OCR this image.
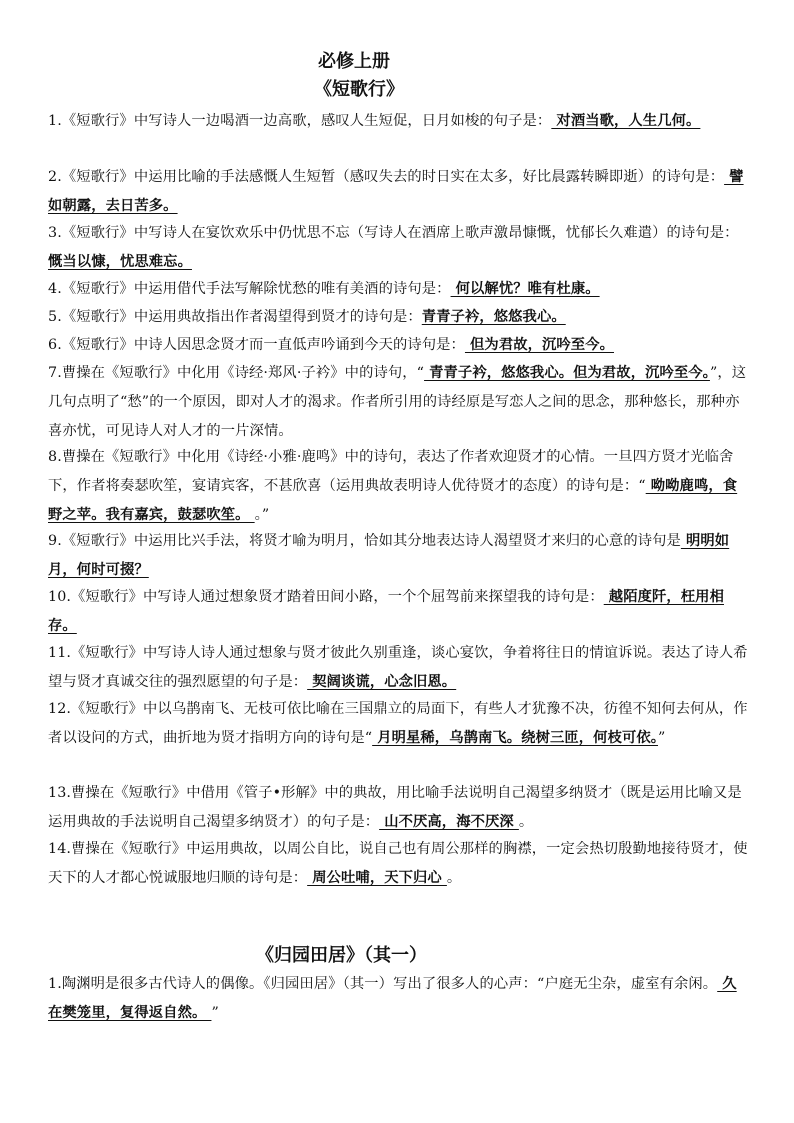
必修上册
《短歌行》
1.《短歌行》中写诗人一边喝酒一边高歌，感叹人生短促，日月如梭的句子是： 对酒当歌，人生几何。
2.《短歌行》中运用比喻的手法感慨人生短暂（感叹失去的时日实在太多，好比晨露转瞬即逝）的诗句是： 譬如朝露，去日苦多。
3.《短歌行》中写诗人在宴饮欢乐中仍忧思不忘（写诗人在酒席上歌声激昂慷慨，忧郁长久难遣）的诗句是： 慨当以慷，忧思难忘。
4.《短歌行》中运用借代手法写解除忧愁的唯有美酒的诗句是： 何以解忧？唯有杜康。
5.《短歌行》中运用典故指出作者渴望得到贤才的诗句是：青青子衿，悠悠我心。
6.《短歌行》中诗人因思念贤才而一直低声吟诵到今天的诗句是： 但为君故，沉吟至今。
7.曹操在《短歌行》中化用《诗经·郑风·子衿》中的诗句，“ 青青子衿，悠悠我心。但为君故，沉吟至今。”，这几句点明了“愁”的一个原因，即对人才的渴求。作者所引用的诗经原是写恋人之间的思念，那种悠长，那种亦喜亦忧，可见诗人对人才的一片深情。
8.曹操在《短歌行》中化用《诗经·小雅·鹿鸣》中的诗句，表达了作者欢迎贤才的心情。一旦四方贤才光临舍下，作者将奏瑟吹笙，宴请宾客，不甚欣喜（运用典故表明诗人优待贤才的态度）的诗句是：“ 呦呦鹿鸣，食野之苹。我有嘉宾，鼓瑟吹笙。 。”
9.《短歌行》中运用比兴手法，将贤才喻为明月，恰如其分地表达诗人渴望贤才来归的心意的诗句是 明明如月，何时可掇？
10.《短歌行》中写诗人通过想象贤才踏着田间小路，一个个屈驾前来探望我的诗句是： 越陌度阡，枉用相存。
11.《短歌行》中写诗人诗人通过想象与贤才彼此久别重逢，谈心宴饮，争着将往日的情谊诉说。表达了诗人希望与贤才真诚交往的强烈愿望的句子是： 契阔谈谎，心念旧恩。
12.《短歌行》中以乌鹊南飞、无枝可依比喻在三国鼎立的局面下，有些人才犹豫不决，彷徨不知何去何从，作者以设问的方式，曲折地为贤才指明方向的诗句是“ 月明星稀，乌鹊南飞。绕树三匝，何枝可依。”
13.曹操在《短歌行》中借用《管子•形解》中的典故，用比喻手法说明自己渴望多纳贤才（既是运用比喻又是运用典故的手法说明自己渴望多纳贤才）的句子是： 山不厌高，海不厌深 。
14.曹操在《短歌行》中运用典故，以周公自比，说自己也有周公那样的胸襟，一定会热切殷勤地接待贤才，使天下的人才都心悦诚服地归顺的诗句是： 周公吐哺，天下归心 。
《归园田居》（其一）
1.陶渊明是很多古代诗人的偶像。《归园田居》（其一）写出了很多人的心声：“户庭无尘杂，虚室有余闲。 久在樊笼里，复得返自然。 ”
